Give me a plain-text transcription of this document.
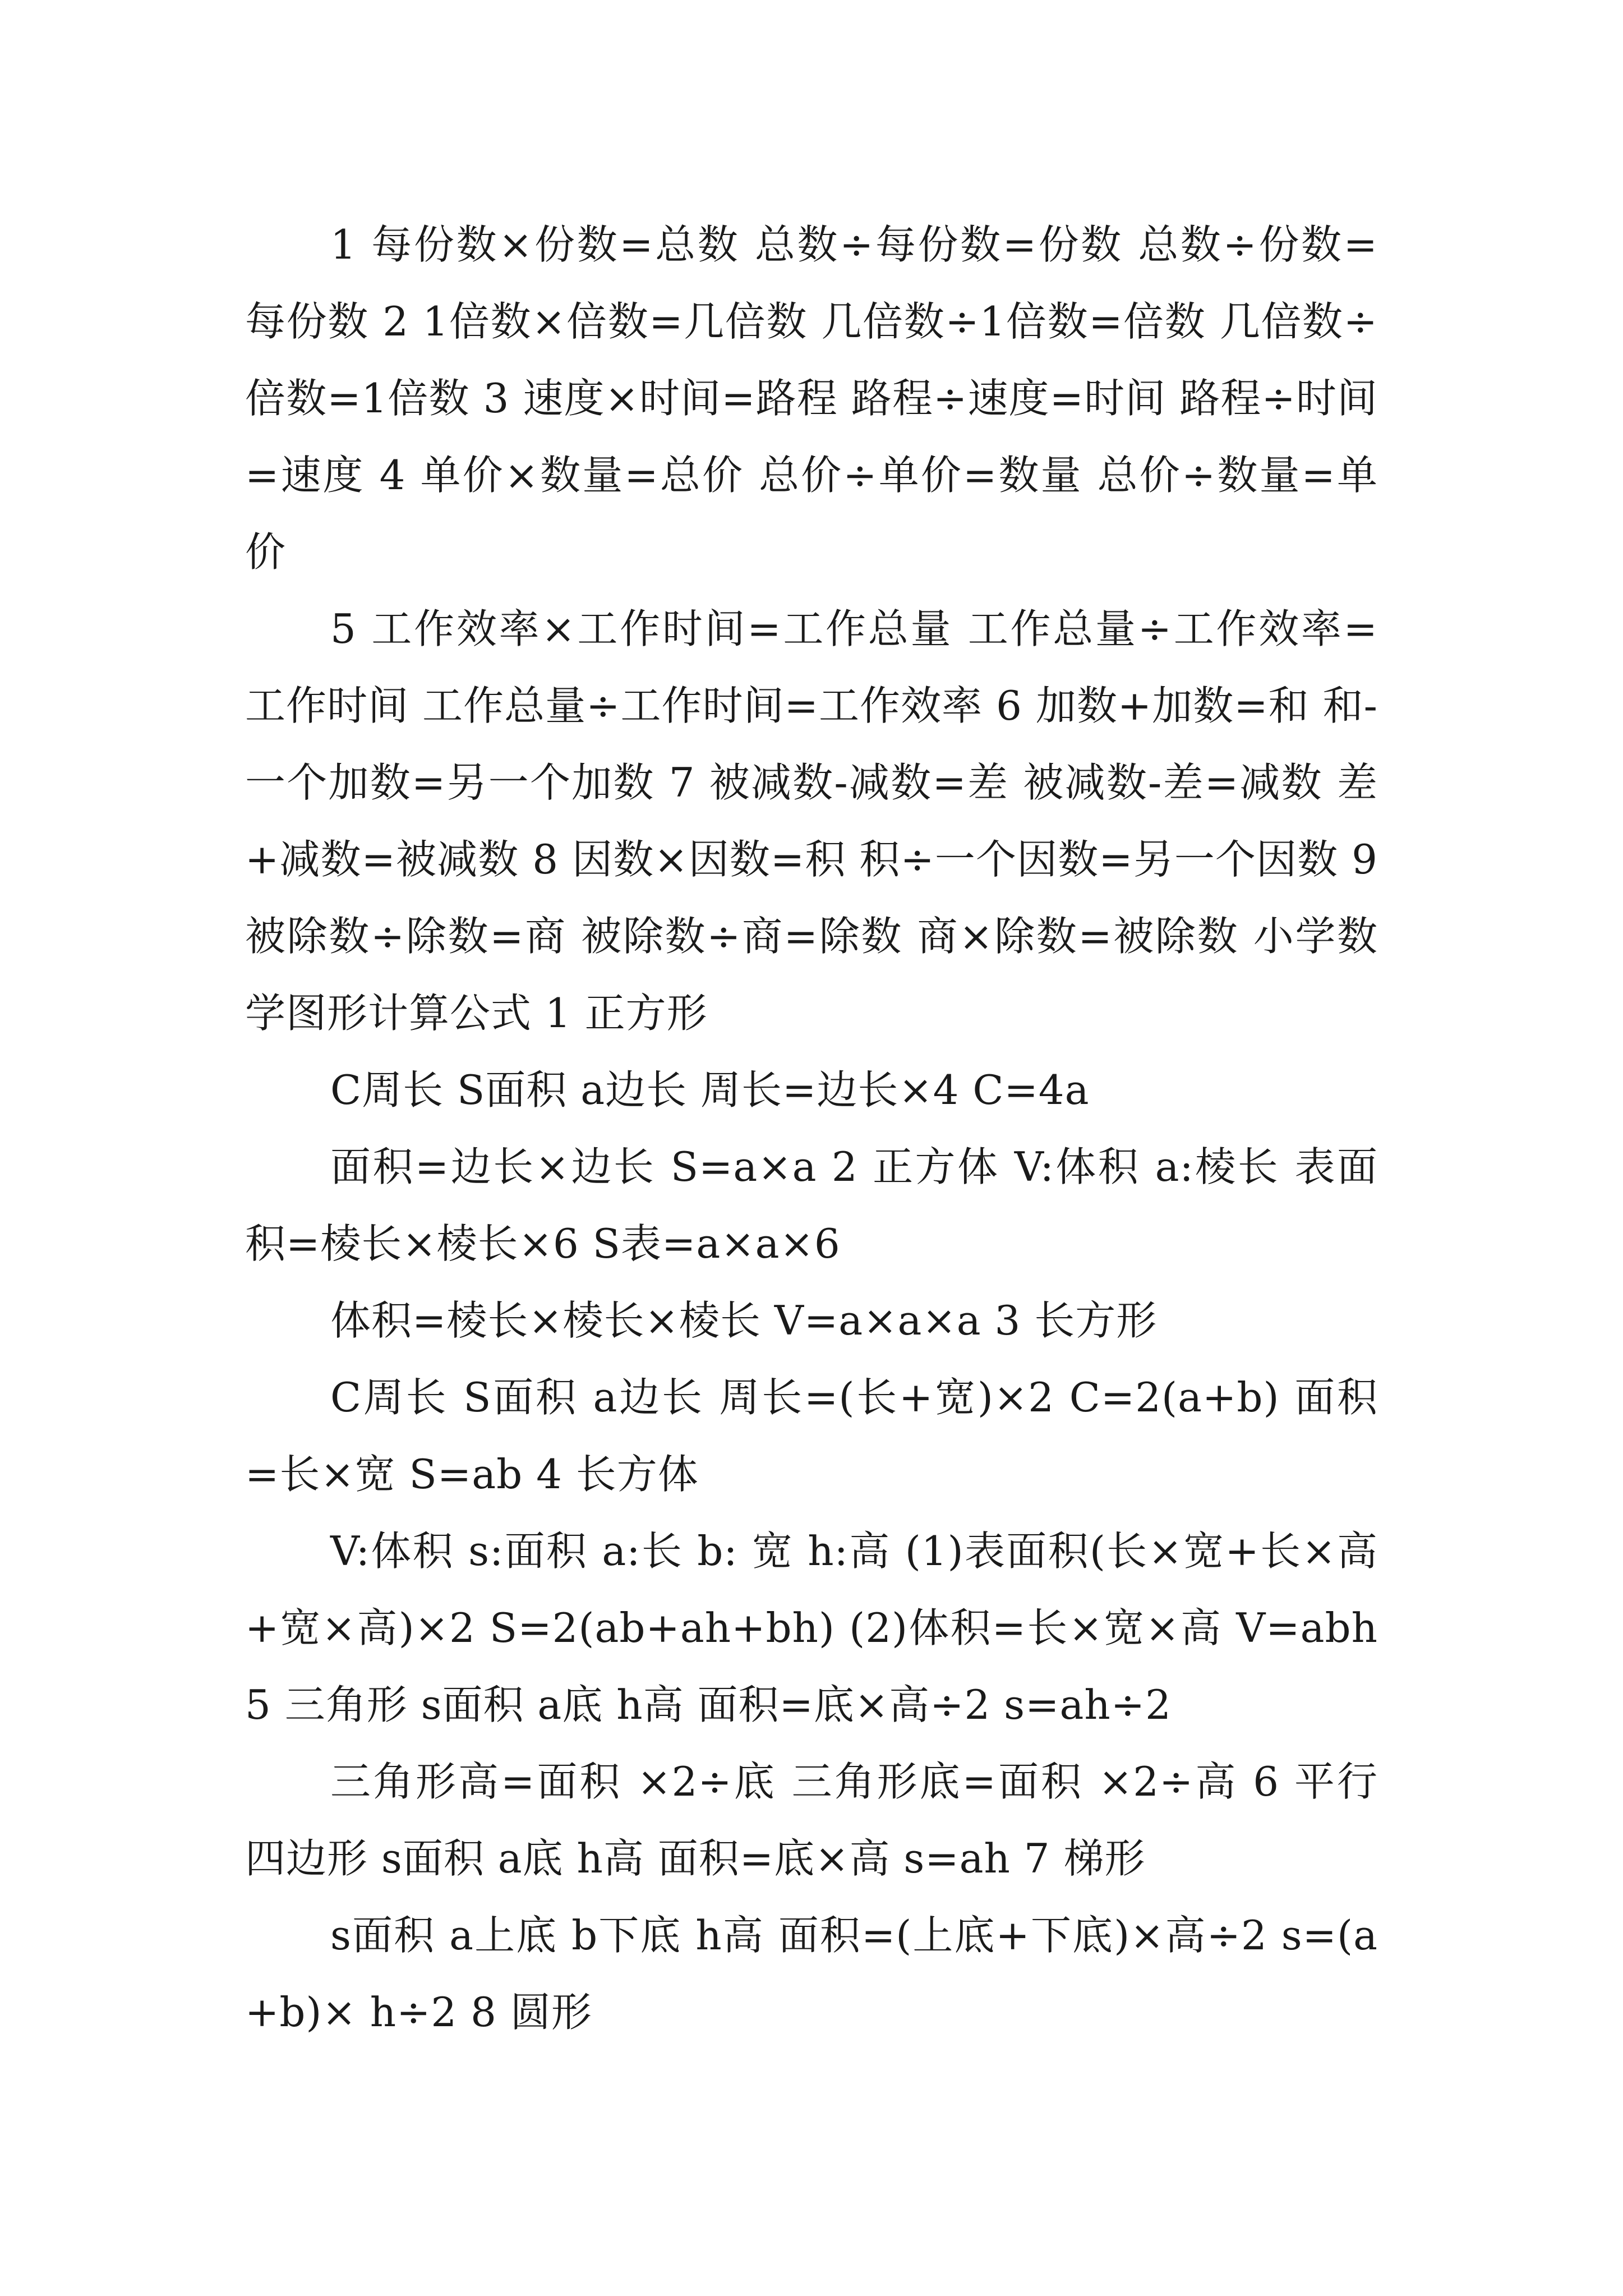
1 每份数×份数=总数 总数÷每份数=份数 总数÷份数=每份数 2 1倍数×倍数=几倍数 几倍数÷1倍数=倍数 几倍数÷倍数=1倍数 3 速度×时间=路程 路程÷速度=时间 路程÷时间=速度 4 单价×数量=总价 总价÷单价=数量 总价÷数量=单价

5 工作效率×工作时间=工作总量 工作总量÷工作效率=工作时间 工作总量÷工作时间=工作效率 6 加数+加数=和 和-一个加数=另一个加数 7 被减数-减数=差 被减数-差=减数 差+减数=被减数 8 因数×因数=积 积÷一个因数=另一个因数 9 被除数÷除数=商 被除数÷商=除数 商×除数=被除数 小学数学图形计算公式 1 正方形

C周长 S面积 a边长 周长=边长×4 C=4a

面积=边长×边长 S=a×a 2 正方体 V:体积 a:棱长 表面积=棱长×棱长×6 S表=a×a×6

体积=棱长×棱长×棱长 V=a×a×a 3 长方形

C周长 S面积 a边长 周长=(长+宽)×2 C=2(a+b) 面积=长×宽 S=ab 4 长方体

V:体积 s:面积 a:长 b: 宽 h:高 (1)表面积(长×宽+长×高+宽×高)×2 S=2(ab+ah+bh) (2)体积=长×宽×高 V=abh 5 三角形 s面积 a底 h高 面积=底×高÷2 s=ah÷2

三角形高=面积 ×2÷底 三角形底=面积 ×2÷高 6 平行四边形 s面积 a底 h高 面积=底×高 s=ah 7 梯形

s面积 a上底 b下底 h高 面积=(上底+下底)×高÷2 s=(a+b)× h÷2 8 圆形
